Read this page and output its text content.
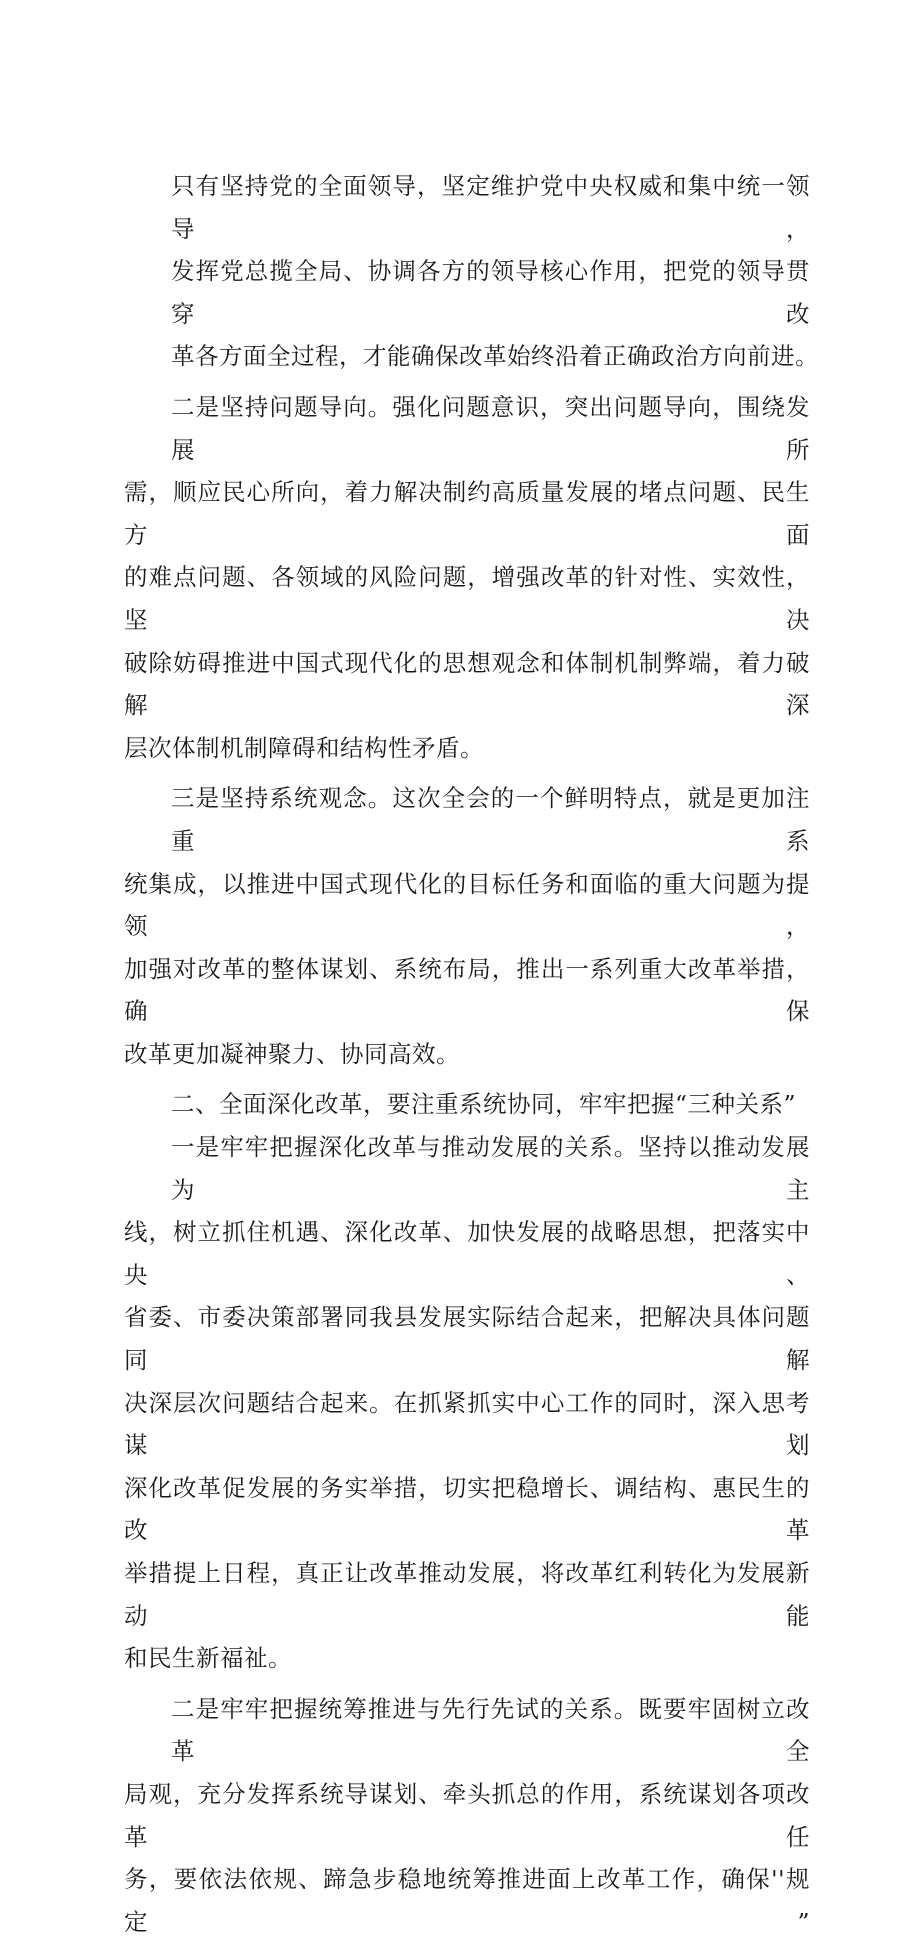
只有坚持党的全面领导，坚定维护党中央权威和集中统一领导，
发挥党总揽全局、协调各方的领导核心作用，把党的领导贯穿改
革各方面全过程，才能确保改革始终沿着正确政治方向前进。
二是坚持问题导向。强化问题意识，突出问题导向，围绕发展所
需，顺应民心所向，着力解决制约高质量发展的堵点问题、民生方面
的难点问题、各领域的风险问题，增强改革的针对性、实效性，坚决
破除妨碍推进中国式现代化的思想观念和体制机制弊端，着力破解深
层次体制机制障碍和结构性矛盾。
三是坚持系统观念。这次全会的一个鲜明特点，就是更加注重系
统集成，以推进中国式现代化的目标任务和面临的重大问题为提领，
加强对改革的整体谋划、系统布局，推出一系列重大改革举措，确保
改革更加凝神聚力、协同高效。
二、全面深化改革，要注重系统协同，牢牢把握“三种关系”
一是牢牢把握深化改革与推动发展的关系。坚持以推动发展为主
线，树立抓住机遇、深化改革、加快发展的战略思想，把落实中央、
省委、市委决策部署同我县发展实际结合起来，把解决具体问题同解
决深层次问题结合起来。在抓紧抓实中心工作的同时，深入思考谋划
深化改革促发展的务实举措，切实把稳增长、调结构、惠民生的改革
举措提上日程，真正让改革推动发展，将改革红利转化为发展新动能
和民生新福祉。
二是牢牢把握统筹推进与先行先试的关系。既要牢固树立改革全
局观，充分发挥系统导谋划、牵头抓总的作用，系统谋划各项改革任
务，要依法依规、蹄急步稳地统筹推进面上改革工作，确保''规定”
